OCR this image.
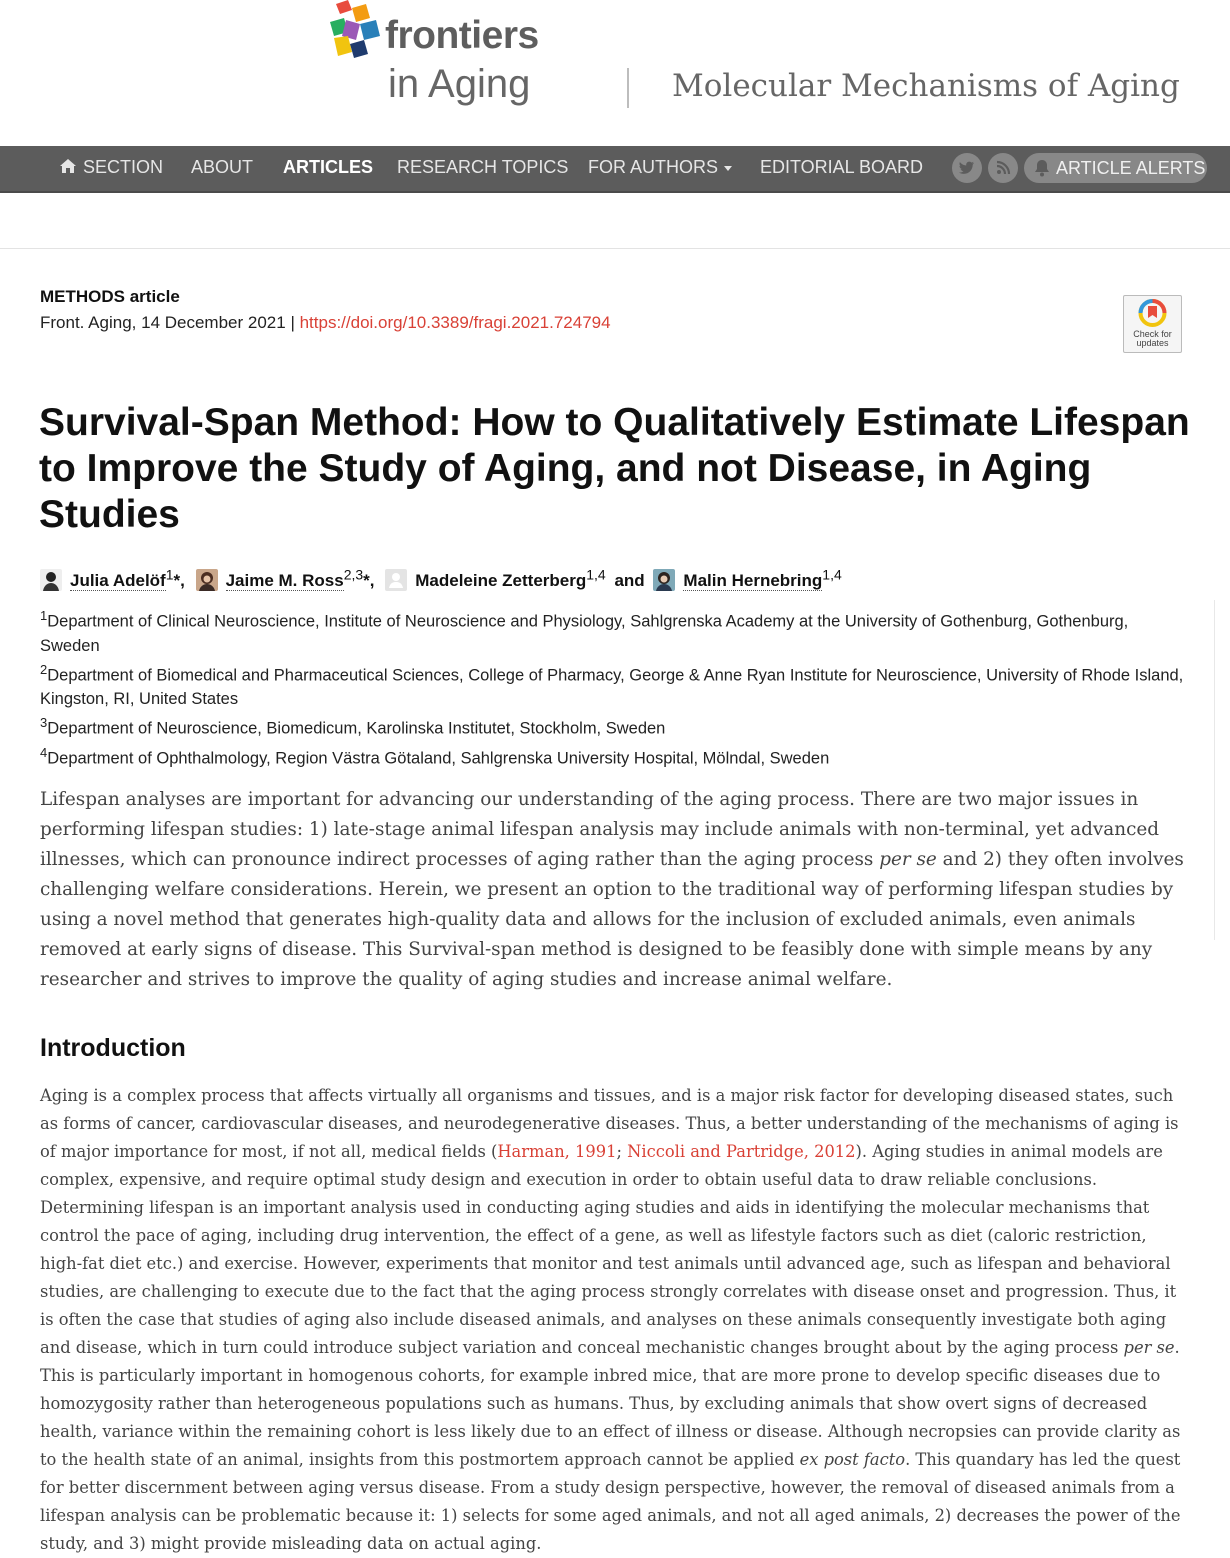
frontiers
in Aging	Molecular Mechanisms of Aging
SECTION ABOUT ARTICLES RESEARCH TOPICS FOR AUTHORS	EDITORIAL BOARD	ARTICLE ALERTS
METHODS article
Front. Aging, 14 December 2021 | https://doi.org/10.3389/fragi.2021.724794
Check for updates
Survival-Span Method: How to Qualitatively Estimate Lifespan to Improve the Study of Aging, and not Disease, in Aging Studies
Julia Adelöf$^1$*, Jaime M. Ross$^{2,3}$*, Madeleine Zetterberg$^{1,4}$ and Malin Hernebring$^{1,4}$

$^1$Department of Clinical Neuroscience, Institute of Neuroscience and Physiology, Sahlgrenska Academy at the University of Gothenburg, Gothenburg, Sweden

$^2$Department of Biomedical and Pharmaceutical Sciences, College of Pharmacy, George & Anne Ryan Institute for Neuroscience, University of Rhode Island, Kingston, RI, United States

$^3$Department of Neuroscience, Biomedicum, Karolinska Institutet, Stockholm, Sweden

$^4$Department of Ophthalmology, Region Västra Götaland, Sahlgrenska University Hospital, Mölndal, Sweden

Lifespan analyses are important for advancing our understanding of the aging process. There are two major issues in performing lifespan studies: 1) late-stage animal lifespan analysis may include animals with non-terminal, yet advanced illnesses, which can pronounce indirect processes of aging rather than the aging process per se and 2) they often involves challenging welfare considerations. Herein, we present an option to the traditional way of performing lifespan studies by using a novel method that generates high-quality data and allows for the inclusion of excluded animals, even animals removed at early signs of disease. This Survival-span method is designed to be feasibly done with simple means by any researcher and strives to improve the quality of aging studies and increase animal welfare.

Introduction

Aging is a complex process that affects virtually all organisms and tissues, and is a major risk factor for developing diseased states, such as forms of cancer, cardiovascular diseases, and neurodegenerative diseases. Thus, a better understanding of the mechanisms of aging is of major importance for most, if not all, medical fields (Harman, 1991; Niccoli and Partridge, 2012). Aging studies in animal models are complex, expensive, and require optimal study design and execution in order to obtain useful data to draw reliable conclusions. Determining lifespan is an important analysis used in conducting aging studies and aids in identifying the molecular mechanisms that control the pace of aging, including drug intervention, the effect of a gene, as well as lifestyle factors such as diet (caloric restriction, high-fat diet etc.) and exercise. However, experiments that monitor and test animals until advanced age, such as lifespan and behavioral studies, are challenging to execute due to the fact that the aging process strongly correlates with disease onset and progression. Thus, it is often the case that studies of aging also include diseased animals, and analyses on these animals consequently investigate both aging and disease, which in turn could introduce subject variation and conceal mechanistic changes brought about by the aging process per se. This is particularly important in homogenous cohorts, for example inbred mice, that are more prone to develop specific diseases due to homozygosity rather than heterogeneous populations such as humans. Thus, by excluding animals that show overt signs of decreased health, variance within the remaining cohort is less likely due to an effect of illness or disease. Although necropsies can provide clarity as to the health state of an animal, insights from this postmortem approach cannot be applied ex post facto. This quandary has led the quest for better discernment between aging versus disease. From a study design perspective, however, the removal of diseased animals from a lifespan analysis can be problematic because it: 1) selects for some aged animals, and not all aged animals, 2) decreases the power of the study, and 3) might provide misleading data on actual aging.
